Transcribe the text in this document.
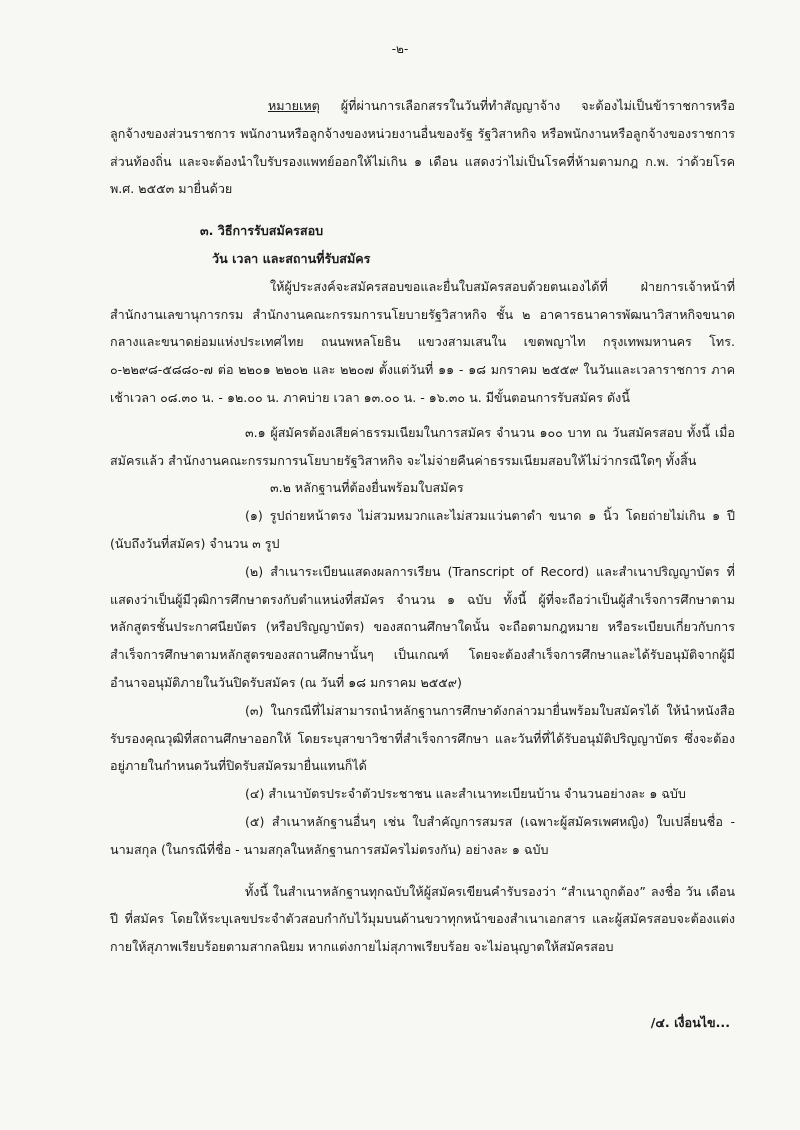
-๒-

หมายเหตุ ผู้ที่ผ่านการเลือกสรรในวันที่ทำสัญญาจ้าง จะต้องไม่เป็นข้าราชการหรือลูกจ้างของส่วนราชการ พนักงานหรือลูกจ้างของหน่วยงานอื่นของรัฐ รัฐวิสาหกิจ หรือพนักงานหรือลูกจ้างของราชการส่วนท้องถิ่น และจะต้องนำใบรับรองแพทย์ออกให้ไม่เกิน ๑ เดือน แสดงว่าไม่เป็นโรคที่ห้ามตามกฎ ก.พ. ว่าด้วยโรค พ.ศ. ๒๕๕๓ มายื่นด้วย

๓. วิธีการรับสมัครสอบ

วัน เวลา และสถานที่รับสมัคร

ให้ผู้ประสงค์จะสมัครสอบขอและยื่นใบสมัครสอบด้วยตนเองได้ที่ ฝ่ายการเจ้าหน้าที่ สำนักงานเลขานุการกรม สำนักงานคณะกรรมการนโยบายรัฐวิสาหกิจ ชั้น ๒ อาคารธนาคารพัฒนาวิสาหกิจขนาดกลางและขนาดย่อมแห่งประเทศไทย ถนนพหลโยธิน แขวงสามเสนใน เขตพญาไท กรุงเทพมหานคร โทร. ๐-๒๒๙๘-๕๘๘๐-๗ ต่อ ๒๒๐๑ ๒๒๐๒ และ ๒๒๐๗ ตั้งแต่วันที่ ๑๑ - ๑๘ มกราคม ๒๕๕๙ ในวันและเวลาราชการ ภาคเช้าเวลา ๐๘.๓๐ น. - ๑๒.๐๐ น. ภาคบ่าย เวลา ๑๓.๐๐ น. - ๑๖.๓๐ น. มีขั้นตอนการรับสมัคร ดังนี้

๓.๑ ผู้สมัครต้องเสียค่าธรรมเนียมในการสมัคร จำนวน ๑๐๐ บาท ณ วันสมัครสอบ ทั้งนี้ เมื่อสมัครแล้ว สำนักงานคณะกรรมการนโยบายรัฐวิสาหกิจ จะไม่จ่ายคืนค่าธรรมเนียมสอบให้ไม่ว่ากรณีใดๆ ทั้งสิ้น

๓.๒ หลักฐานที่ต้องยื่นพร้อมใบสมัคร

(๑) รูปถ่ายหน้าตรง ไม่สวมหมวกและไม่สวมแว่นตาดำ ขนาด ๑ นิ้ว โดยถ่ายไม่เกิน ๑ ปี (นับถึงวันที่สมัคร) จำนวน ๓ รูป

(๒) สำเนาระเบียนแสดงผลการเรียน (Transcript of Record) และสำเนาปริญญาบัตร ที่แสดงว่าเป็นผู้มีวุฒิการศึกษาตรงกับตำแหน่งที่สมัคร จำนวน ๑ ฉบับ ทั้งนี้ ผู้ที่จะถือว่าเป็นผู้สำเร็จการศึกษาตามหลักสูตรชั้นประกาศนียบัตร (หรือปริญญาบัตร) ของสถานศึกษาใดนั้น จะถือตามกฎหมาย หรือระเบียบเกี่ยวกับการสำเร็จการศึกษาตามหลักสูตรของสถานศึกษานั้นๆ เป็นเกณฑ์ โดยจะต้องสำเร็จการศึกษาและได้รับอนุมัติจากผู้มีอำนาจอนุมัติภายในวันปิดรับสมัคร (ณ วันที่ ๑๘ มกราคม ๒๕๕๙)

(๓) ในกรณีที่ไม่สามารถนำหลักฐานการศึกษาดังกล่าวมายื่นพร้อมใบสมัครได้ ให้นำหนังสือรับรองคุณวุฒิที่สถานศึกษาออกให้ โดยระบุสาขาวิชาที่สำเร็จการศึกษา และวันที่ที่ได้รับอนุมัติปริญญาบัตร ซึ่งจะต้องอยู่ภายในกำหนดวันที่ปิดรับสมัครมายื่นแทนก็ได้

(๔) สำเนาบัตรประจำตัวประชาชน และสำเนาทะเบียนบ้าน จำนวนอย่างละ ๑ ฉบับ

(๕) สำเนาหลักฐานอื่นๆ เช่น ใบสำคัญการสมรส (เฉพาะผู้สมัครเพศหญิง) ใบเปลี่ยนชื่อ - นามสกุล (ในกรณีที่ชื่อ - นามสกุลในหลักฐานการสมัครไม่ตรงกัน) อย่างละ ๑ ฉบับ

ทั้งนี้ ในสำเนาหลักฐานทุกฉบับให้ผู้สมัครเขียนคำรับรองว่า “สำเนาถูกต้อง” ลงชื่อ วัน เดือน ปี ที่สมัคร โดยให้ระบุเลขประจำตัวสอบกำกับไว้มุมบนด้านขวาทุกหน้าของสำเนาเอกสาร และผู้สมัครสอบจะต้องแต่งกายให้สุภาพเรียบร้อยตามสากลนิยม หากแต่งกายไม่สุภาพเรียบร้อย จะไม่อนุญาตให้สมัครสอบ

/๔. เงื่อนไข...
